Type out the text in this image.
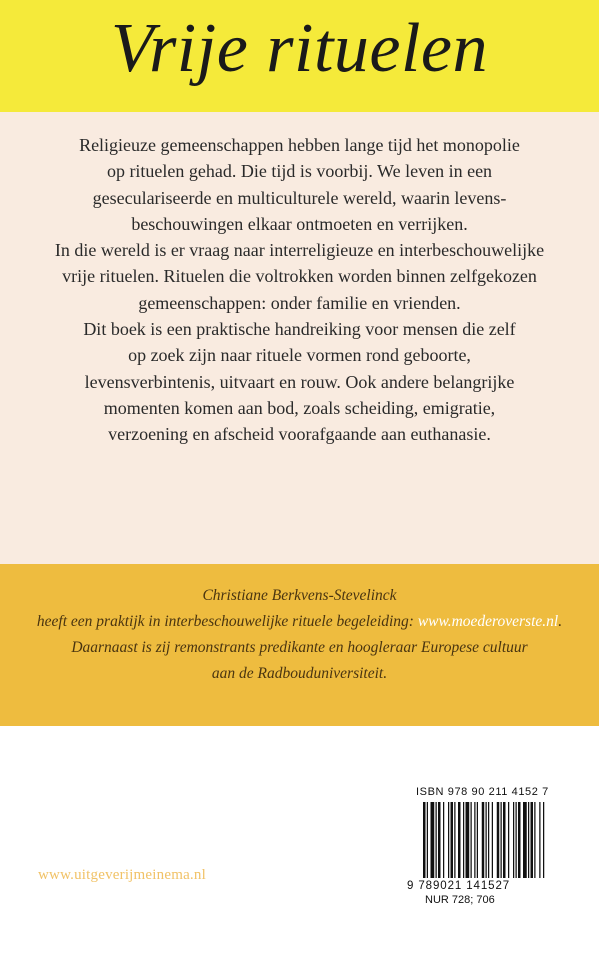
Vrije rituelen
Religieuze gemeenschappen hebben lange tijd het monopolie
op rituelen gehad. Die tijd is voorbij. We leven in een
geseculariseerde en multiculturele wereld, waarin levens-
beschouwingen elkaar ontmoeten en verrijken.
In die wereld is er vraag naar interreligieuze en interbeschouwelijke
vrije rituelen. Rituelen die voltrokken worden binnen zelfgekozen
gemeenschappen: onder familie en vrienden.
Dit boek is een praktische handreiking voor mensen die zelf
op zoek zijn naar rituele vormen rond geboorte,
levensverbintenis, uitvaart en rouw. Ook andere belangrijke
momenten komen aan bod, zoals scheiding, emigratie,
verzoening en afscheid voorafgaande aan euthanasie.
Christiane Berkvens-Stevelinck
heeft een praktijk in interbeschouwelijke rituele begeleiding: www.moederoverste.nl.
Daarnaast is zij remonstrants predikante en hoogleraar Europese cultuur
aan de Radbouduniversiteit.
ISBN 978 90 211 4152 7
9 789021 141527
NUR 728; 706
www.uitgeverijmeinema.nl
